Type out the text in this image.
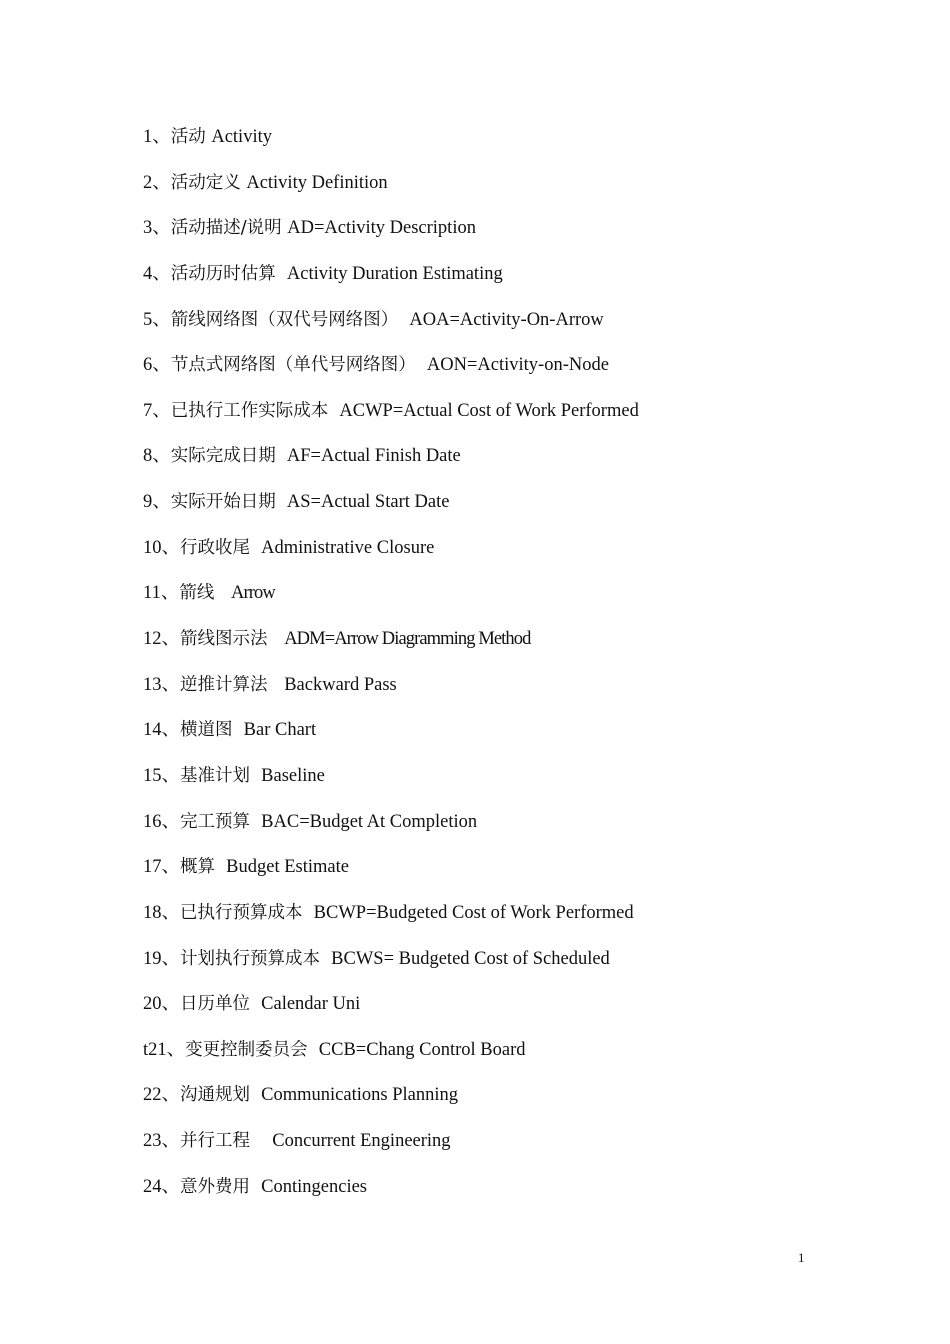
1、活动 Activity
2、活动定义 Activity Definition
3、活动描述/说明 AD=Activity Description
4、活动历时估算  Activity Duration Estimating
5、箭线网络图（双代号网络图）  AOA=Activity-On-Arrow
6、节点式网络图（单代号网络图）  AON=Activity-on-Node
7、已执行工作实际成本  ACWP=Actual Cost of Work Performed
8、实际完成日期  AF=Actual Finish Date
9、实际开始日期  AS=Actual Start Date
10、行政收尾  Administrative Closure
11、箭线   Arrow
12、箭线图示法   ADM=Arrow Diagramming Method
13、逆推计算法   Backward Pass
14、横道图  Bar Chart
15、基准计划  Baseline
16、完工预算  BAC=Budget At Completion
17、概算  Budget Estimate
18、已执行预算成本  BCWP=Budgeted Cost of Work Performed
19、计划执行预算成本  BCWS= Budgeted Cost of Scheduled
20、日历单位  Calendar Uni
t21、变更控制委员会  CCB=Chang Control Board
22、沟通规划  Communications Planning
23、并行工程    Concurrent Engineering
24、意外费用  Contingencies
1
